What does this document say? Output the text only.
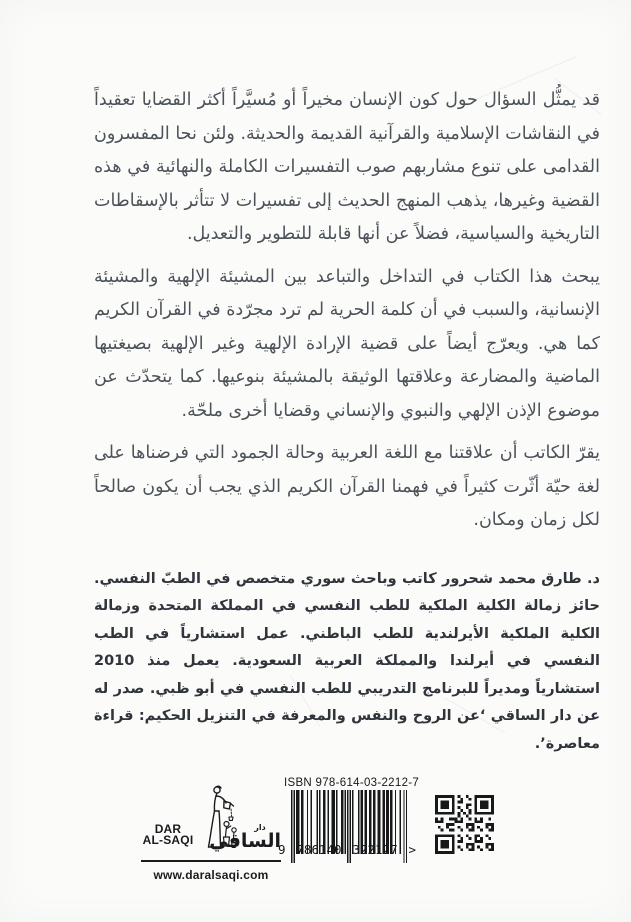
قد يمثُّل السؤال حول كون الإنسان مخيراً أو مُسيَّراً أكثر القضايا تعقيداً في النقاشات الإسلامية والقرآنية القديمة والحديثة. ولئن نحا المفسرون القدامى على تنوع مشاربهم صوب التفسيرات الكاملة والنهائية في هذه القضية وغيرها، يذهب المنهج الحديث إلى تفسيرات لا تتأثر بالإسقاطات التاريخية والسياسية، فضلاً عن أنها قابلة للتطوير والتعديل.

يبحث هذا الكتاب في التداخل والتباعد بين المشيئة الإلهية والمشيئة الإنسانية، والسبب في أن كلمة الحرية لم ترد مجرّدة في القرآن الكريم كما هي. ويعرّج أيضاً على قضية الإرادة الإلهية وغير الإلهية بصيغتيها الماضية والمضارعة وعلاقتها الوثيقة بالمشيئة بنوعيها. كما يتحدّث عن موضوع الإذن الإلهي والنبوي والإنساني وقضايا أخرى ملحّة.

يقرّ الكاتب أن علاقتنا مع اللغة العربية وحالة الجمود التي فرضناها على لغة حيّة أثّرت كثيراً في فهمنا القرآن الكريم الذي يجب أن يكون صالحاً لكل زمان ومكان.

د. طارق محمد شحرور كاتب وباحث سوري متخصص في الطبّ النفسي. حائز زمالة الكلية الملكية للطب النفسي في المملكة المتحدة وزمالة الكلية الملكية الأيرلندية للطب الباطني. عمل استشارياً في الطب النفسي في أيرلندا والمملكة العربية السعودية. يعمل منذ 2010 استشارياً ومديراً للبرنامج التدريبي للطب النفسي في أبو ظبي. صدر له عن دار الساقي ‘عن الروح والنفس والمعرفة في التنزيل الحكيم: قراءة معاصرة’.

DAR
AL-SAQI
دار
الساقي
www.daralsaqi.com
ISBN 978-614-03-2212-7
9 786140 322127 >
